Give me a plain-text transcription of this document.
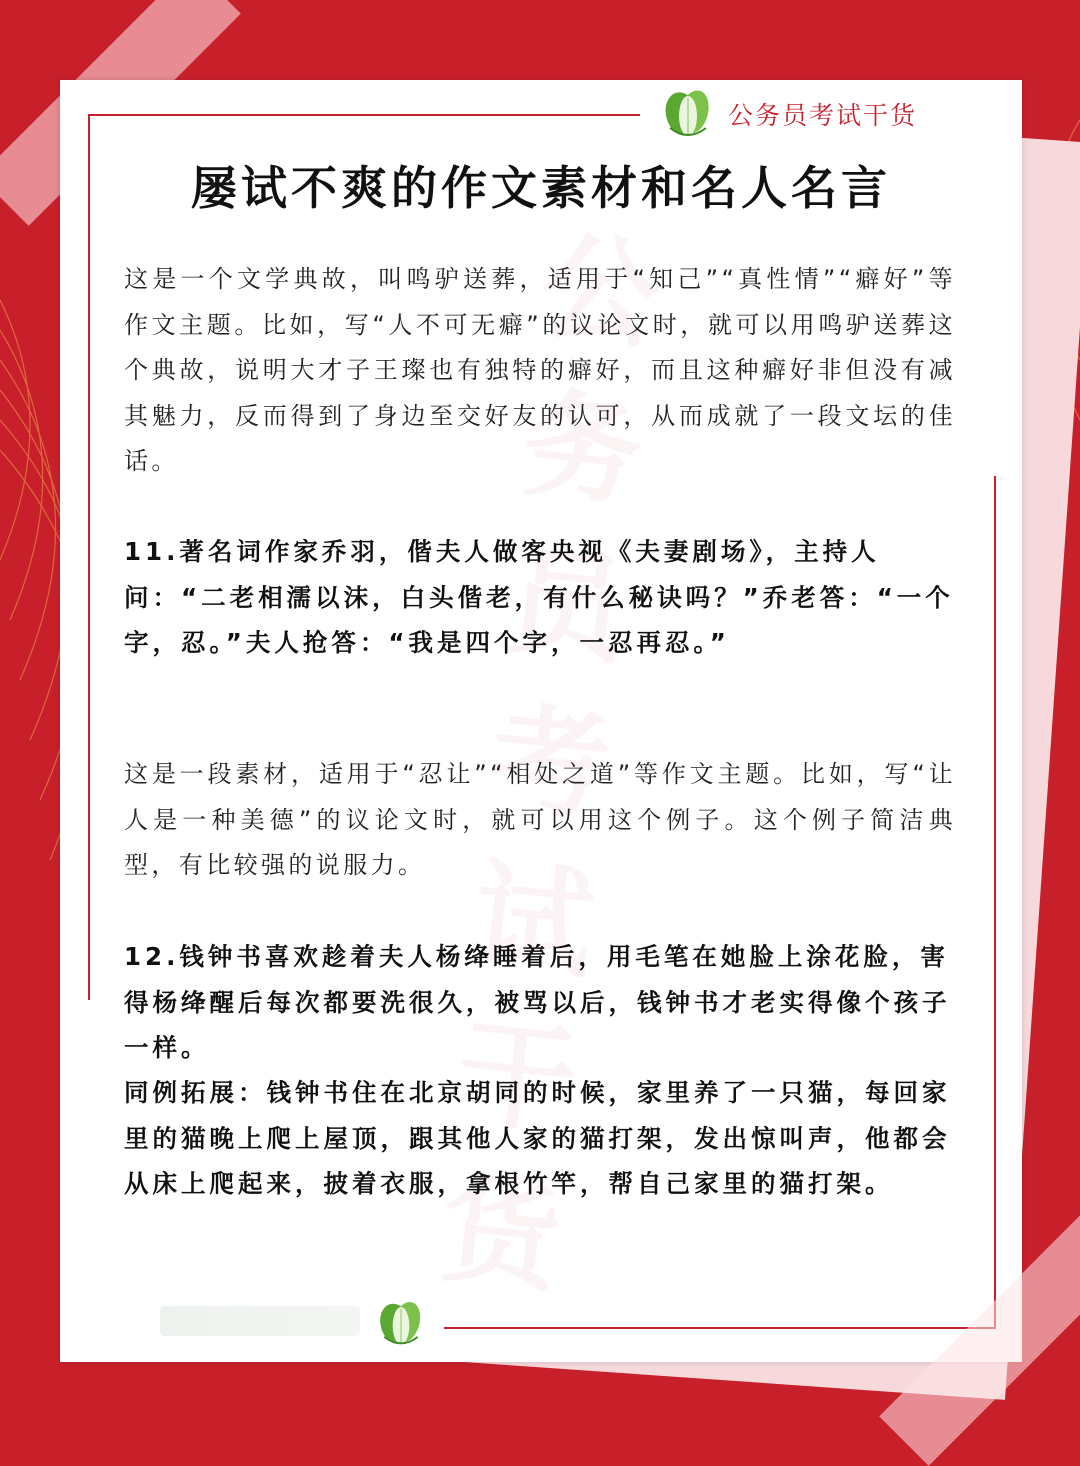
公务员考试干货
屡试不爽的作文素材和名人名言

这是一个文学典故，叫鸣驴送葬，适用于“知己”“真性情”“癖好”等作文主题。比如，写“人不可无癖”的议论文时，就可以用鸣驴送葬这个典故，说明大才子王璨也有独特的癖好，而且这种癖好非但没有减其魅力，反而得到了身边至交好友的认可，从而成就了一段文坛的佳话。

11.著名词作家乔羽，偕夫人做客央视《夫妻剧场》，主持人问：“二老相濡以沫，白头偕老，有什么秘诀吗？”乔老答：“一个字，忍。”夫人抢答：“我是四个字，一忍再忍。”

这是一段素材，适用于“忍让”“相处之道”等作文主题。比如，写“让人是一种美德”的议论文时，就可以用这个例子。这个例子简洁典型，有比较强的说服力。

12.钱钟书喜欢趁着夫人杨绛睡着后，用毛笔在她脸上涂花脸，害得杨绛醒后每次都要洗很久，被骂以后，钱钟书才老实得像个孩子一样。

同例拓展：钱钟书住在北京胡同的时候，家里养了一只猫，每回家里的猫晚上爬上屋顶，跟其他人家的猫打架，发出惊叫声，他都会从床上爬起来，披着衣服，拿根竹竿，帮自己家里的猫打架。
